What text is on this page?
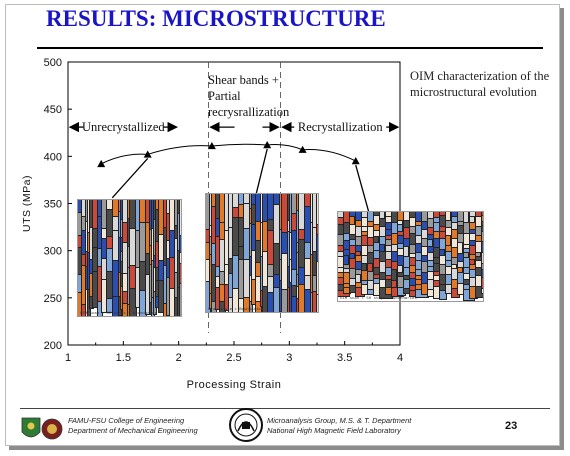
RESULTS: MICROSTRUCTURE
1	1.5	2	2.5	3	3.5	4
200
250
300
350
400
450
500
Processing Strain
UTS (MPa)
Unrecrystallized	Recrystallization
Shear bands + Partial recrysrallization
OIM characterization of the microstructural evolution
OIM scan • 50 steps • Boundaries
Gray scale • Boundaries
OIM scan • 50 steps • Boundaries
FAMU-FSU College of Engineering
Department of Mechanical Engineering
Microanalysis Group, M.S. & T. Department
National High Magnetic Field Laboratory	23
